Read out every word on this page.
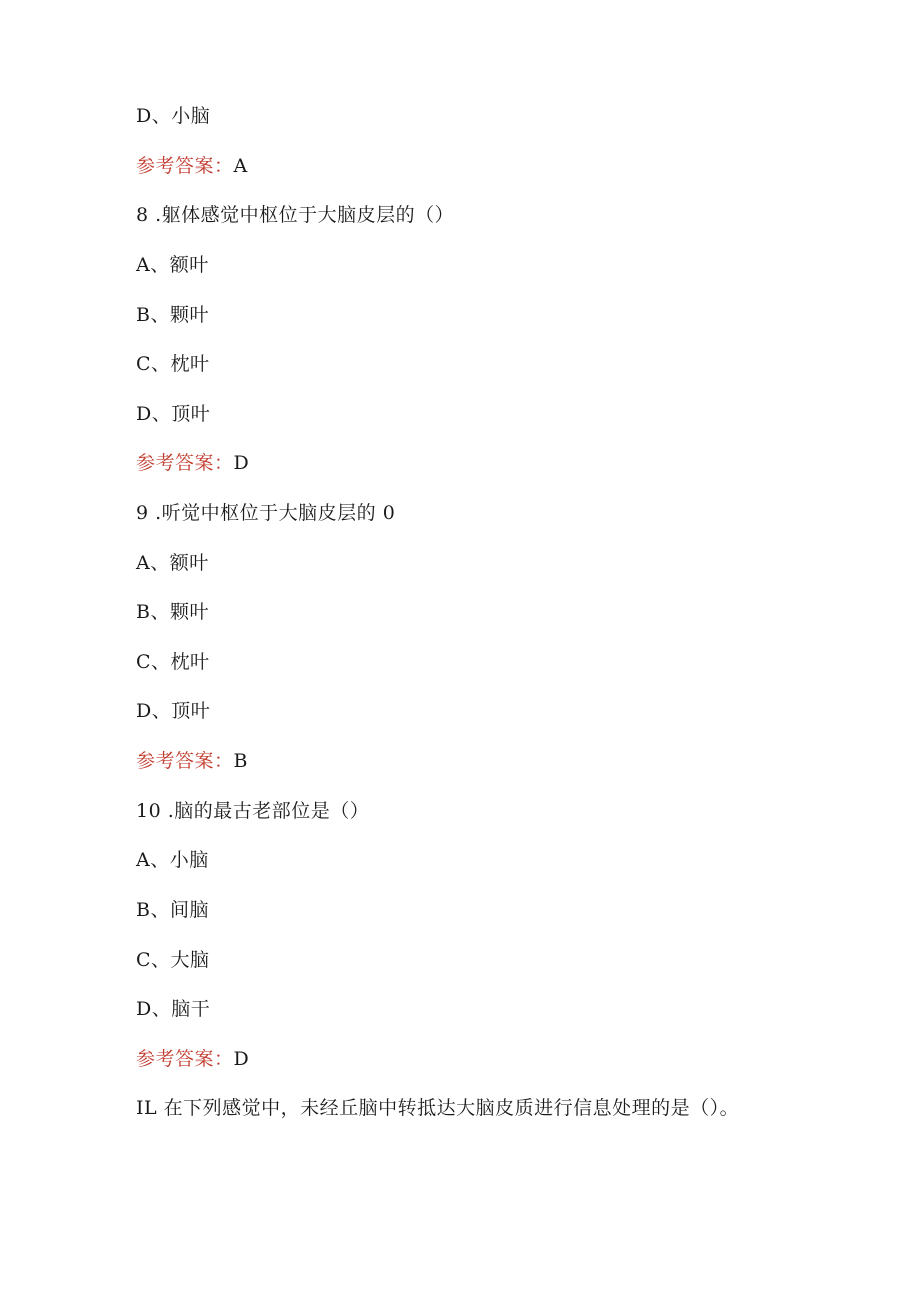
D、小脑
参考答案：A
8 .躯体感觉中枢位于大脑皮层的（）
A、额叶
B、颗叶
C、枕叶
D、顶叶
参考答案：D
9 .听觉中枢位于大脑皮层的 0
A、额叶
B、颗叶
C、枕叶
D、顶叶
参考答案：B
10 .脑的最古老部位是（）
A、小脑
B、间脑
C、大脑
D、脑干
参考答案：D
IL 在下列感觉中，未经丘脑中转抵达大脑皮质进行信息处理的是（）。
